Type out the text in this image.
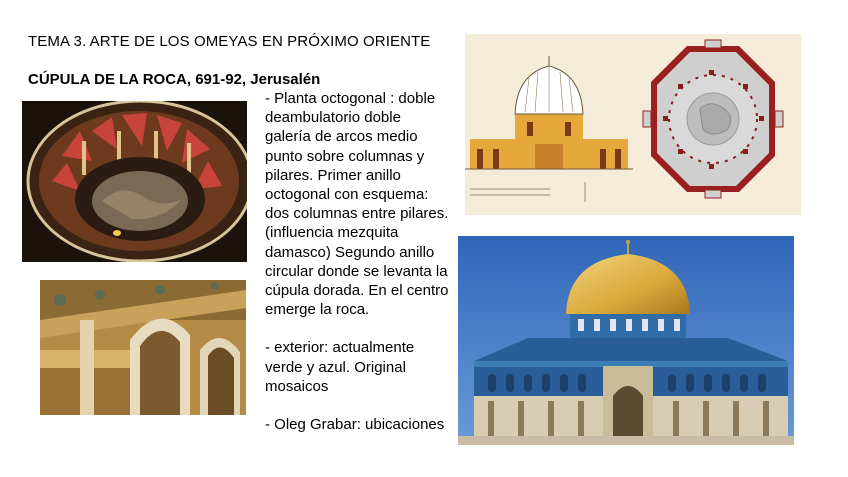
TEMA 3. ARTE DE LOS OMEYAS EN PRÓXIMO ORIENTE
CÚPULA DE LA ROCA, 691-92, Jerusalén

- Planta octogonal : doble deambulatorio doble galería de arcos medio punto sobre columnas y pilares. Primer anillo octogonal con esquema: dos columnas entre pilares. (influencia mezquita damasco) Segundo anillo circular donde se levanta la cúpula dorada. En el centro emerge la roca.

- exterior: actualmente verde y azul. Original mosaicos

- Oleg Grabar: ubicaciones
